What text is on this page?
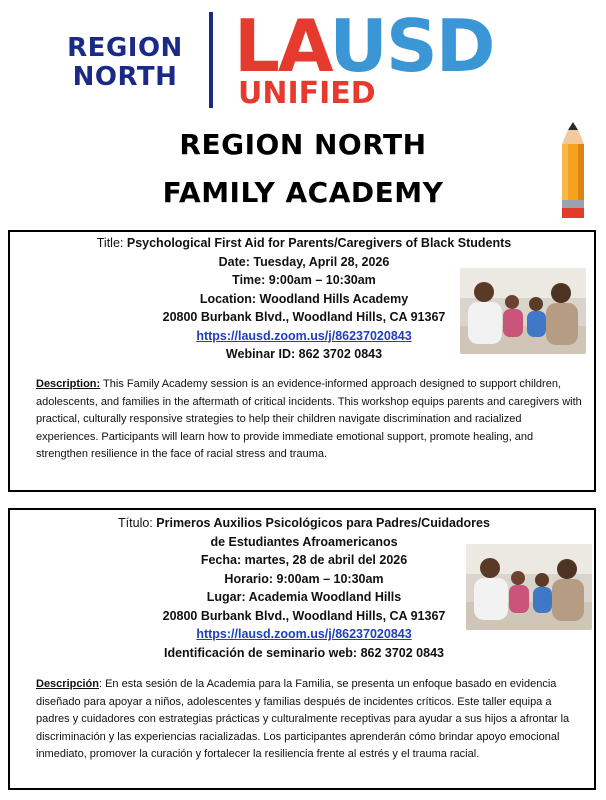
REGION
NORTH LAUSD
UNIFIED
REGION NORTH
FAMILY ACADEMY
Title: Psychological First Aid for Parents/Caregivers of Black Students
Date: Tuesday, April 28, 2026
Time: 9:00am – 10:30am
Location: Woodland Hills Academy
20800 Burbank Blvd., Woodland Hills, CA 91367
https://lausd.zoom.us/j/86237020843
Webinar ID: 862 3702 0843
Description: This Family Academy session is an evidence-informed approach designed to support children, adolescents, and families in the aftermath of critical incidents. This workshop equips parents and caregivers with practical, culturally responsive strategies to help their children navigate discrimination and racialized experiences. Participants will learn how to provide immediate emotional support, promote healing, and strengthen resilience in the face of racial stress and trauma.
Título: Primeros Auxilios Psicológicos para Padres/Cuidadores
de Estudiantes Afroamericanos
Fecha: martes, 28 de abril del 2026
Horario: 9:00am – 10:30am
Lugar: Academia Woodland Hills
20800 Burbank Blvd., Woodland Hills, CA 91367
https://lausd.zoom.us/j/86237020843
Identificación de seminario web: 862 3702 0843
Descripción: En esta sesión de la Academia para la Familia, se presenta un enfoque basado en evidencia diseñado para apoyar a niños, adolescentes y familias después de incidentes críticos. Este taller equipa a padres y cuidadores con estrategias prácticas y culturalmente receptivas para ayudar a sus hijos a afrontar la discriminación y las experiencias racializadas. Los participantes aprenderán cómo brindar apoyo emocional inmediato, promover la curación y fortalecer la resiliencia frente al estrés y el trauma racial.
